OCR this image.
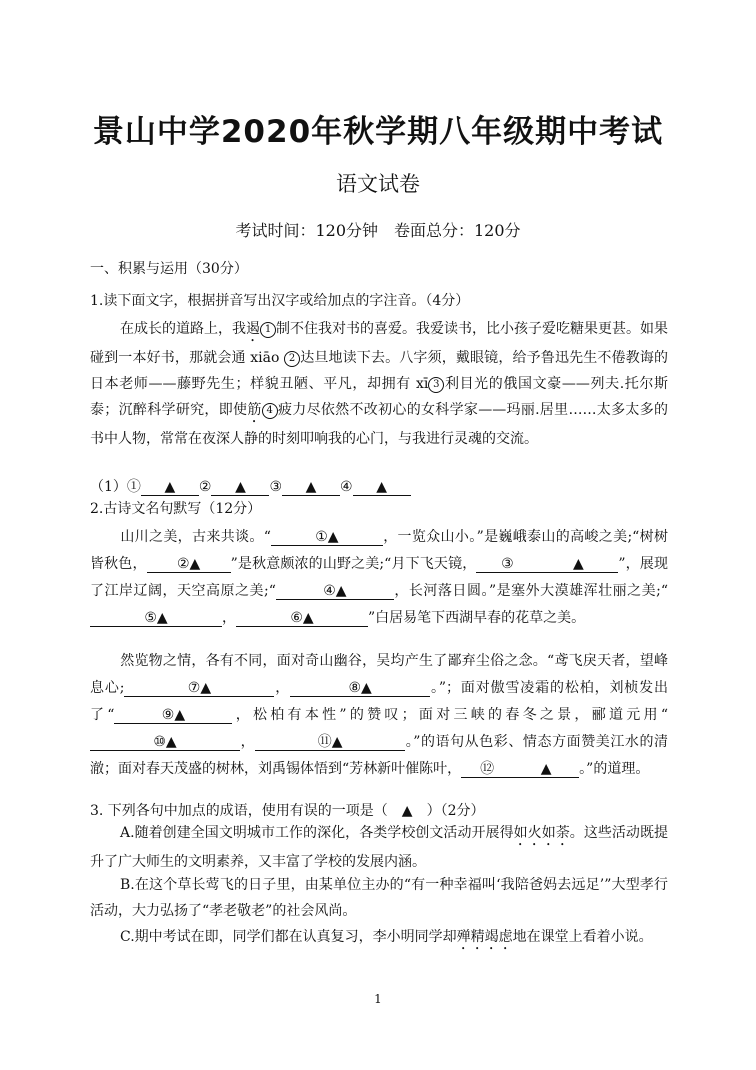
景山中学2020年秋学期八年级期中考试
语文试卷
考试时间：120分钟　卷面总分：120分
一、积累与运用（30分）
1.读下面文字，根据拼音写出汉字或给加点的字注音。（4分）
在成长的道路上，我遏 1 制不住我对书的喜爱。我爱读书，比小孩子爱吃糖果更甚。如果碰到一本好书，那就会通 xiāo 2 达旦地读下去。八字须，戴眼镜，给予鲁迅先生不倦教诲的日本老师——藤野先生；样貌丑陋、平凡，却拥有 xī 3 利目光的俄国文豪——列夫.托尔斯泰；沉醉科学研究，即使筋 4 疲力尽依然不改初心的女科学家——玛丽.居里……太多太多的书中人物，常常在夜深人静的时刻叩响我的心门，与我进行灵魂的交流。
（1）① ▲ ② ▲ ③ ▲ ④ ▲
2.古诗文名句默写（12分）
山川之美，古来共谈。“	①▲	，一览众山小。”是巍峨泰山的高峻之美;“树树皆秋色， ②▲ ”是秋意颇浓的山野之美;“月下飞天镜， ③	▲ ”，展现了江岸辽阔，天空高原之美;“	④▲	，长河落日圆。”是塞外大漠雄浑壮丽之美;“⑤▲	，	⑥▲	”白居易笔下西湖早春的花草之美。
然览物之情，各有不同，面对奇山幽谷，吴均产生了鄙弃尘俗之念。“鸢飞戾天者，望峰息心;	⑦▲	，	⑧▲	。”；面对傲雪凌霜的松柏，刘桢发出了“	⑨▲	，松柏有本性”的赞叹；面对三峡的春冬之景，郦道元用“⑩▲	，	⑪▲	。”的语句从色彩、情态方面赞美江水的清澈；面对春天茂盛的树林，刘禹锡体悟到“芳林新叶催陈叶， ⑫	▲ 。”的道理。
3. 下列各句中加点的成语，使用有误的一项是（　▲　）（2分）
A.随着创建全国文明城市工作的深化，各类学校创文活动开展得如火如荼。这些活动既提升了广大师生的文明素养，又丰富了学校的发展内涵。
B.在这个草长莺飞的日子里，由某单位主办的“有一种幸福叫‘我陪爸妈去远足’”大型孝行活动，大力弘扬了“孝老敬老”的社会风尚。
C.期中考试在即，同学们都在认真复习，李小明同学却殚精竭虑地在课堂上看着小说。
1
